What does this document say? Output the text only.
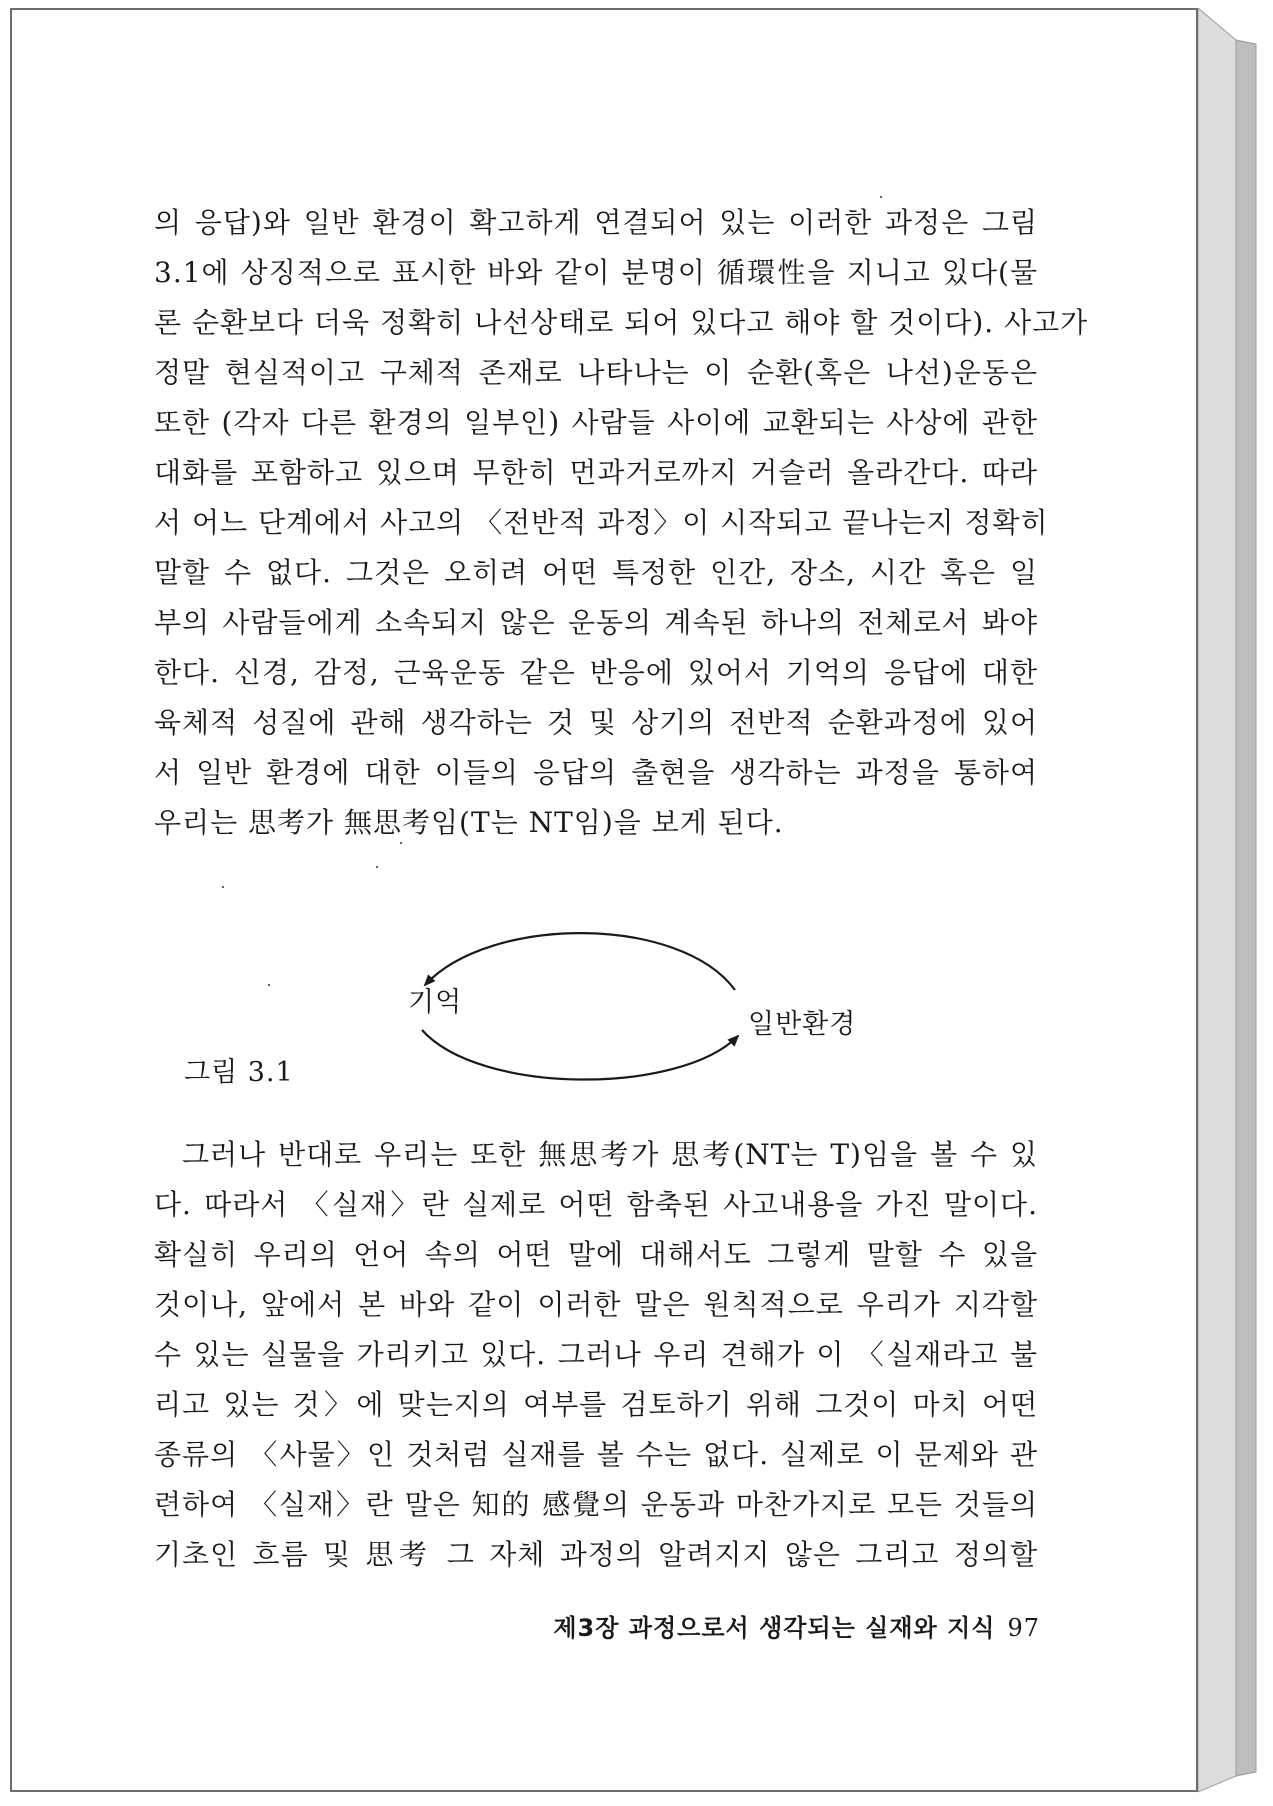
의 응답)와 일반 환경이 확고하게 연결되어 있는 이러한 과정은 그림
3.1에 상징적으로 표시한 바와 같이 분명이 循環性을 지니고 있다(물
론 순환보다 더욱 정확히 나선상태로 되어 있다고 해야 할 것이다). 사고가
정말 현실적이고 구체적 존재로 나타나는 이 순환(혹은 나선)운동은
또한 (각자 다른 환경의 일부인) 사람들 사이에 교환되는 사상에 관한
대화를 포함하고 있으며 무한히 먼과거로까지 거슬러 올라간다. 따라
서 어느 단계에서 사고의 〈전반적 과정〉이 시작되고 끝나는지 정확히
말할 수 없다. 그것은 오히려 어떤 특정한 인간, 장소, 시간 혹은 일
부의 사람들에게 소속되지 않은 운동의 계속된 하나의 전체로서 봐야
한다. 신경, 감정, 근육운동 같은 반응에 있어서 기억의 응답에 대한
육체적 성질에 관해 생각하는 것 및 상기의 전반적 순환과정에 있어
서 일반 환경에 대한 이들의 응답의 출현을 생각하는 과정을 통하여
우리는 思考가 無思考임(T는 NT임)을 보게 된다.
기억
일반환경
그림 3.1
그러나 반대로 우리는 또한 無思考가 思考(NT는 T)임을 볼 수 있
다. 따라서 〈실재〉란 실제로 어떤 함축된 사고내용을 가진 말이다.
확실히 우리의 언어 속의 어떤 말에 대해서도 그렇게 말할 수 있을
것이나, 앞에서 본 바와 같이 이러한 말은 원칙적으로 우리가 지각할
수 있는 실물을 가리키고 있다. 그러나 우리 견해가 이 〈실재라고 불
리고 있는 것〉에 맞는지의 여부를 검토하기 위해 그것이 마치 어떤
종류의 〈사물〉인 것처럼 실재를 볼 수는 없다. 실제로 이 문제와 관
련하여 〈실재〉란 말은 知的 感覺의 운동과 마찬가지로 모든 것들의
기초인 흐름 및 思考 그 자체 과정의 알려지지 않은 그리고 정의할
제3장 과정으로서 생각되는 실재와 지식 97
